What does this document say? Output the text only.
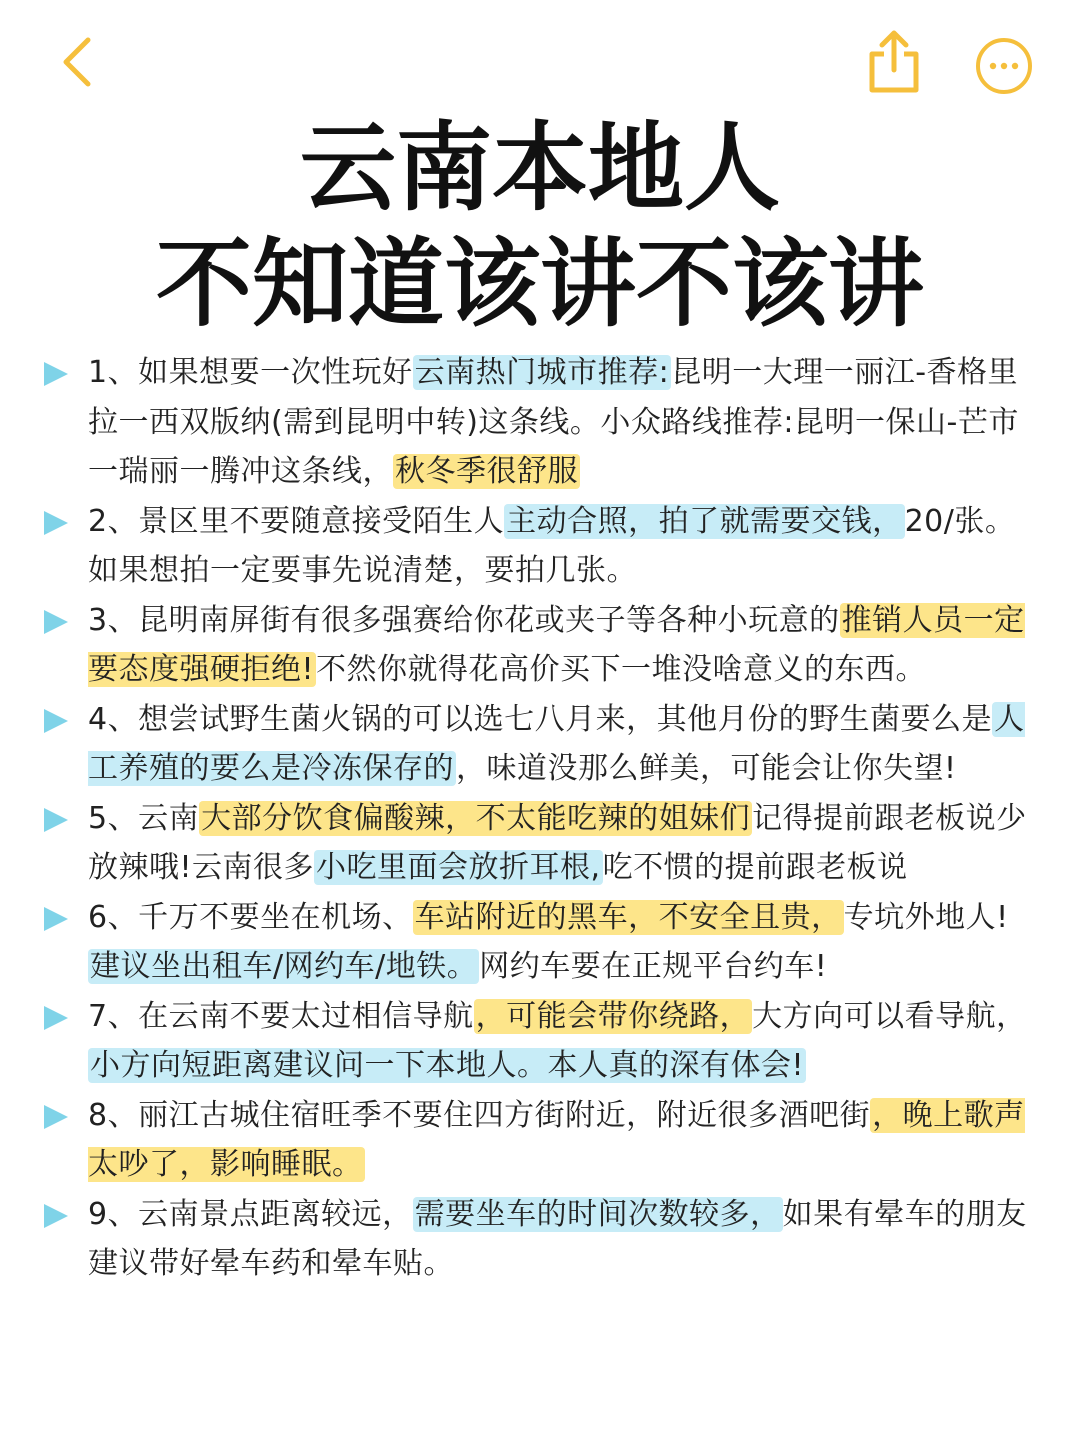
云南本地人
不知道该讲不该讲
1、如果想要一次性玩好云南热门城市推荐:昆明一大理一丽江-香格里拉一西双版纳(需到昆明中转)这条线。小众路线推荐:昆明一保山-芒市一瑞丽一腾冲这条线，秋冬季很舒服
2、景区里不要随意接受陌生人主动合照，拍了就需要交钱，20/张。如果想拍一定要事先说清楚，要拍几张。
3、昆明南屏街有很多强赛给你花或夹子等各种小玩意的推销人员一定要态度强硬拒绝!不然你就得花高价买下一堆没啥意义的东西。
4、想尝试野生菌火锅的可以选七八月来，其他月份的野生菌要么是人工养殖的要么是冷冻保存的，味道没那么鲜美，可能会让你失望!
5、云南大部分饮食偏酸辣，不太能吃辣的姐妹们记得提前跟老板说少放辣哦!云南很多小吃里面会放折耳根,吃不惯的提前跟老板说
6、千万不要坐在机场、车站附近的黑车，不安全且贵，专坑外地人!建议坐出租车/网约车/地铁。网约车要在正规平台约车!
7、在云南不要太过相信导航，可能会带你绕路，大方向可以看导航，小方向短距离建议问一下本地人。本人真的深有体会!
8、丽江古城住宿旺季不要住四方街附近，附近很多酒吧街，晚上歌声太吵了，影响睡眠。
9、云南景点距离较远，需要坐车的时间次数较多，如果有晕车的朋友建议带好晕车药和晕车贴。
